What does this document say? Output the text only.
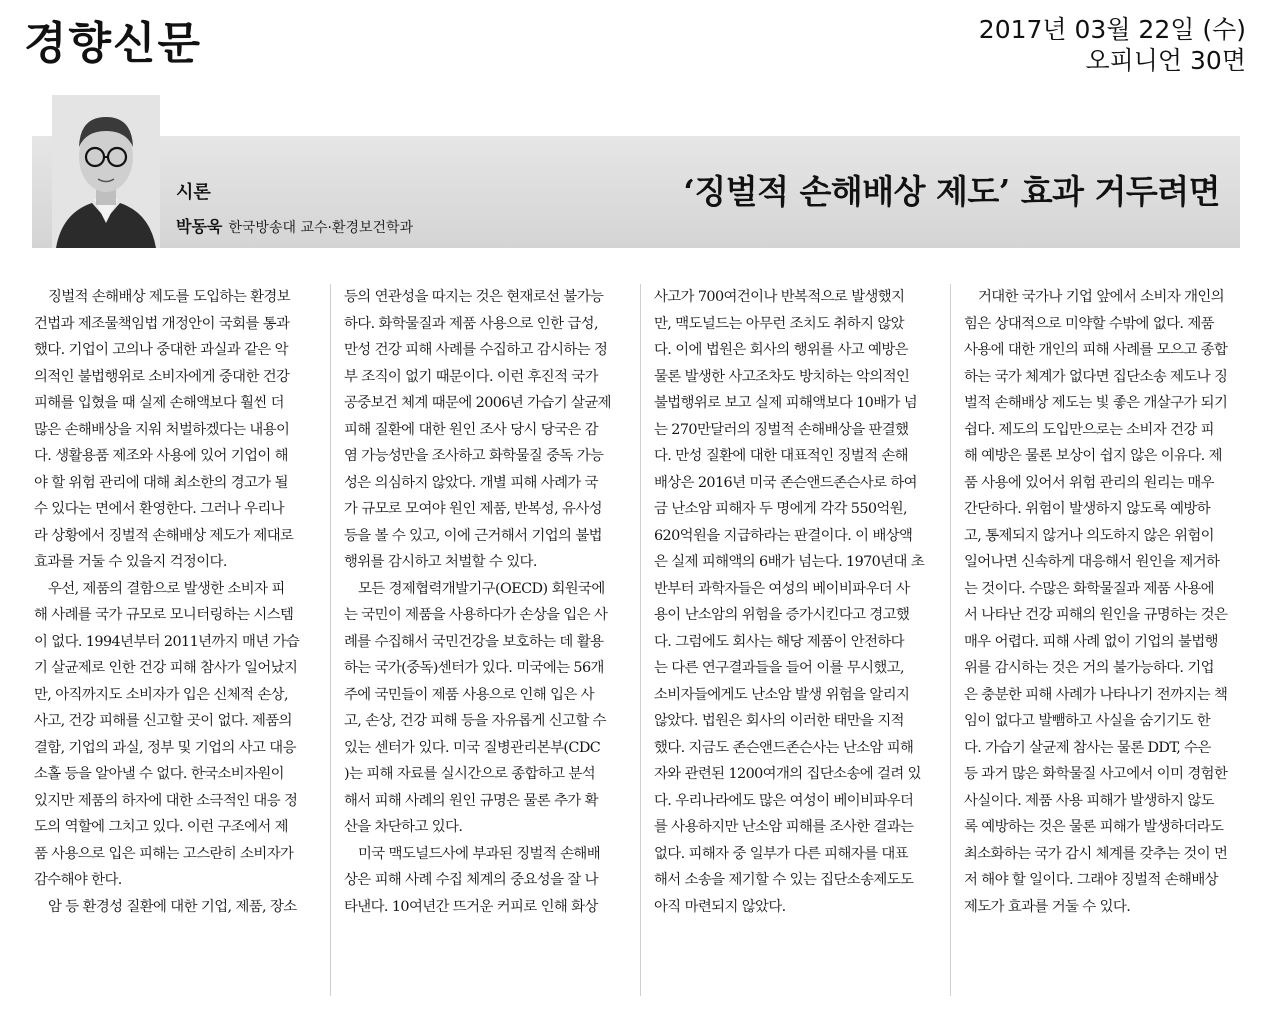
경향신문	2017년 03월 22일 (수)
오피니언 30면
시론
박동욱 한국방송대 교수·환경보건학과
‘징벌적 손해배상 제도’ 효과 거두려면
징벌적 손해배상 제도를 도입하는 환경보
건법과 제조물책임법 개정안이 국회를 통과
했다. 기업이 고의나 중대한 과실과 같은 악
의적인 불법행위로 소비자에게 중대한 건강
피해를 입혔을 때 실제 손해액보다 훨씬 더
많은 손해배상을 지워 처벌하겠다는 내용이
다. 생활용품 제조와 사용에 있어 기업이 해
야 할 위험 관리에 대해 최소한의 경고가 될
수 있다는 면에서 환영한다. 그러나 우리나
라 상황에서 징벌적 손해배상 제도가 제대로
효과를 거둘 수 있을지 걱정이다.
우선, 제품의 결함으로 발생한 소비자 피
해 사례를 국가 규모로 모니터링하는 시스템
이 없다. 1994년부터 2011년까지 매년 가습
기 살균제로 인한 건강 피해 참사가 일어났지
만, 아직까지도 소비자가 입은 신체적 손상,
사고, 건강 피해를 신고할 곳이 없다. 제품의
결함, 기업의 과실, 정부 및 기업의 사고 대응
소홀 등을 알아낼 수 없다. 한국소비자원이
있지만 제품의 하자에 대한 소극적인 대응 정
도의 역할에 그치고 있다. 이런 구조에서 제
품 사용으로 입은 피해는 고스란히 소비자가
감수해야 한다.
암 등 환경성 질환에 대한 기업, 제품, 장소
등의 연관성을 따지는 것은 현재로선 불가능
하다. 화학물질과 제품 사용으로 인한 급성,
만성 건강 피해 사례를 수집하고 감시하는 정
부 조직이 없기 때문이다. 이런 후진적 국가
공중보건 체계 때문에 2006년 가습기 살균제
피해 질환에 대한 원인 조사 당시 당국은 감
염 가능성만을 조사하고 화학물질 중독 가능
성은 의심하지 않았다. 개별 피해 사례가 국
가 규모로 모여야 원인 제품, 반복성, 유사성
등을 볼 수 있고, 이에 근거해서 기업의 불법
행위를 감시하고 처벌할 수 있다.
모든 경제협력개발기구(OECD) 회원국에
는 국민이 제품을 사용하다가 손상을 입은 사
례를 수집해서 국민건강을 보호하는 데 활용
하는 국가(중독)센터가 있다. 미국에는 56개
주에 국민들이 제품 사용으로 인해 입은 사
고, 손상, 건강 피해 등을 자유롭게 신고할 수
있는 센터가 있다. 미국 질병관리본부(CDC
)는 피해 자료를 실시간으로 종합하고 분석
해서 피해 사례의 원인 규명은 물론 추가 확
산을 차단하고 있다.
미국 맥도널드사에 부과된 징벌적 손해배
상은 피해 사례 수집 체계의 중요성을 잘 나
타낸다. 10여년간 뜨거운 커피로 인해 화상
사고가 700여건이나 반복적으로 발생했지
만, 맥도널드는 아무런 조치도 취하지 않았
다. 이에 법원은 회사의 행위를 사고 예방은
물론 발생한 사고조차도 방치하는 악의적인
불법행위로 보고 실제 피해액보다 10배가 넘
는 270만달러의 징벌적 손해배상을 판결했
다. 만성 질환에 대한 대표적인 징벌적 손해
배상은 2016년 미국 존슨앤드존슨사로 하여
금 난소암 피해자 두 명에게 각각 550억원,
620억원을 지급하라는 판결이다. 이 배상액
은 실제 피해액의 6배가 넘는다. 1970년대 초
반부터 과학자들은 여성의 베이비파우더 사
용이 난소암의 위험을 증가시킨다고 경고했
다. 그럼에도 회사는 해당 제품이 안전하다
는 다른 연구결과들을 들어 이를 무시했고,
소비자들에게도 난소암 발생 위험을 알리지
않았다. 법원은 회사의 이러한 태만을 지적
했다. 지금도 존슨앤드존슨사는 난소암 피해
자와 관련된 1200여개의 집단소송에 걸려 있
다. 우리나라에도 많은 여성이 베이비파우더
를 사용하지만 난소암 피해를 조사한 결과는
없다. 피해자 중 일부가 다른 피해자를 대표
해서 소송을 제기할 수 있는 집단소송제도도
아직 마련되지 않았다.
거대한 국가나 기업 앞에서 소비자 개인의
힘은 상대적으로 미약할 수밖에 없다. 제품
사용에 대한 개인의 피해 사례를 모으고 종합
하는 국가 체계가 없다면 집단소송 제도나 징
벌적 손해배상 제도는 빛 좋은 개살구가 되기
쉽다. 제도의 도입만으로는 소비자 건강 피
해 예방은 물론 보상이 쉽지 않은 이유다. 제
품 사용에 있어서 위험 관리의 원리는 매우
간단하다. 위험이 발생하지 않도록 예방하
고, 통제되지 않거나 의도하지 않은 위험이
일어나면 신속하게 대응해서 원인을 제거하
는 것이다. 수많은 화학물질과 제품 사용에
서 나타난 건강 피해의 원인을 규명하는 것은
매우 어렵다. 피해 사례 없이 기업의 불법행
위를 감시하는 것은 거의 불가능하다. 기업
은 충분한 피해 사례가 나타나기 전까지는 책
임이 없다고 발뺌하고 사실을 숨기기도 한
다. 가습기 살균제 참사는 물론 DDT, 수은
등 과거 많은 화학물질 사고에서 이미 경험한
사실이다. 제품 사용 피해가 발생하지 않도
록 예방하는 것은 물론 피해가 발생하더라도
최소화하는 국가 감시 체계를 갖추는 것이 먼
저 해야 할 일이다. 그래야 징벌적 손해배상
제도가 효과를 거둘 수 있다.
